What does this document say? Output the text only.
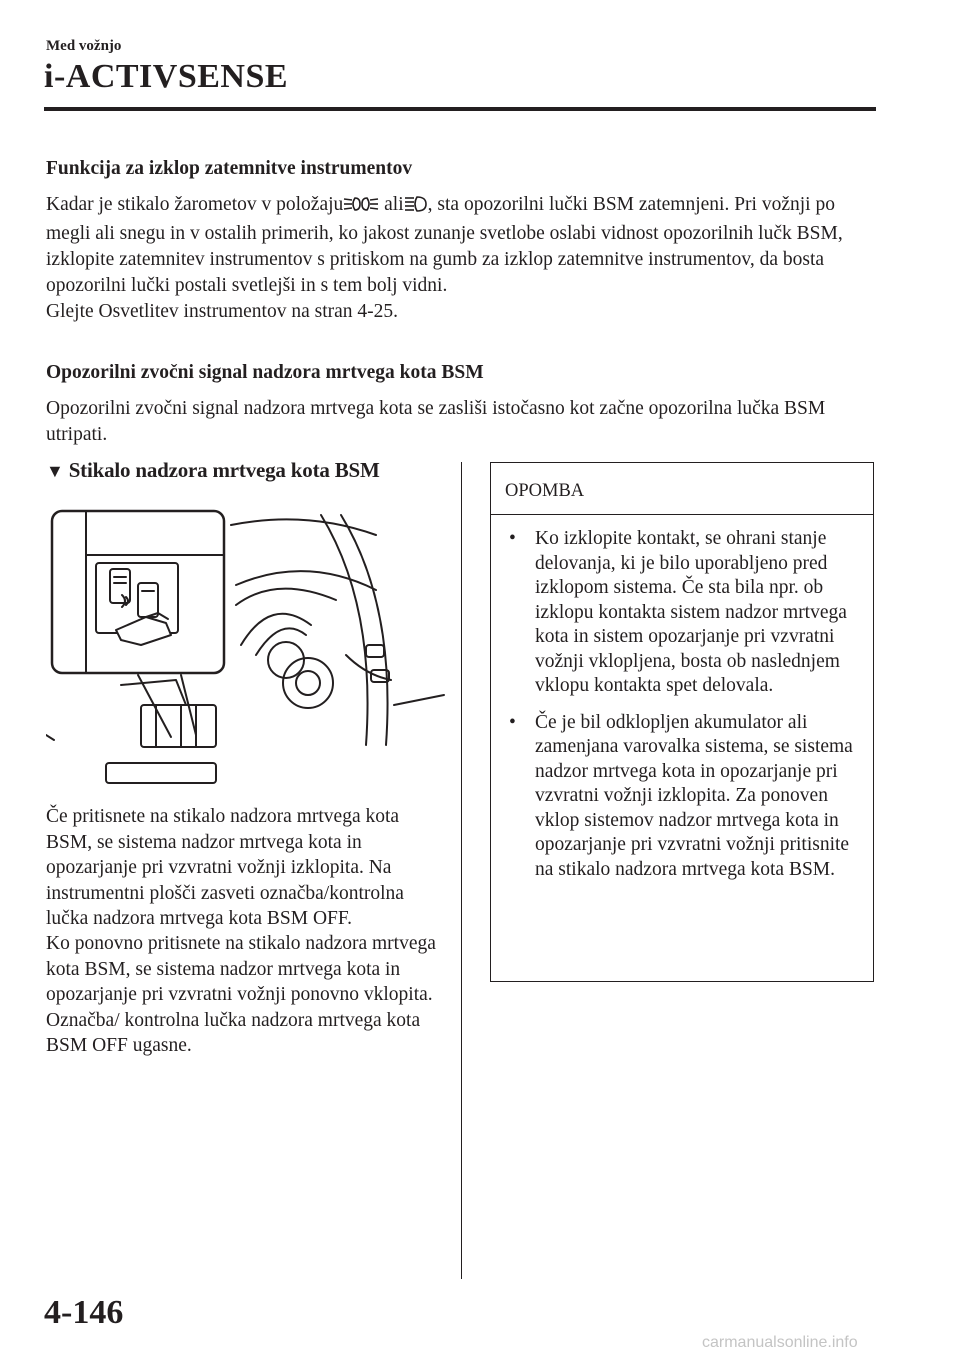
Med vožnjo
i-ACTIVSENSE

Funkcija za izklop zatemnitve instrumentov

Kadar je stikalo žarometov v položaju ali , sta opozorilni lučki BSM zatemnjeni. Pri vožnji po megli ali snegu in v ostalih primerih, ko jakost zunanje svetlobe oslabi vidnost opozorilnih lučk BSM, izklopite zatemnitev instrumentov s pritiskom na gumb za izklop zatemnitve instrumentov, da bosta opozorilni lučki postali svetlejši in s tem bolj vidni.

Glejte Osvetlitev instrumentov na stran 4-25.

Opozorilni zvočni signal nadzora mrtvega kota BSM

Opozorilni zvočni signal nadzora mrtvega kota se zasliši istočasno kot začne opozorilna lučka BSM utripati.

▼ Stikalo nadzora mrtvega kota BSM

Če pritisnete na stikalo nadzora mrtvega kota BSM, se sistema nadzor mrtvega kota in opozarjanje pri vzvratni vožnji izklopita. Na instrumentni plošči zasveti označba/kontrolna lučka nadzora mrtvega kota BSM OFF.

Ko ponovno pritisnete na stikalo nadzora mrtvega kota BSM, se sistema nadzor mrtvega kota in opozarjanje pri vzvratni vožnji ponovno vklopita. Označba/ kontrolna lučka nadzora mrtvega kota BSM OFF ugasne.

OPOMBA
• Ko izklopite kontakt, se ohrani stanje delovanja, ki je bilo uporabljeno pred izklopom sistema. Če sta bila npr. ob izklopu kontakta sistem nadzor mrtvega kota in sistem opozarjanje pri vzvratni vožnji vklopljena, bosta ob naslednjem vklopu kontakta spet delovala.
• Če je bil odklopljen akumulator ali zamenjana varovalka sistema, se sistema nadzor mrtvega kota in opozarjanje pri vzvratni vožnji izklopita. Za ponoven vklop sistemov nadzor mrtvega kota in opozarjanje pri vzvratni vožnji pritisnite na stikalo nadzora mrtvega kota BSM.
4-146
carmanualsonline.info
